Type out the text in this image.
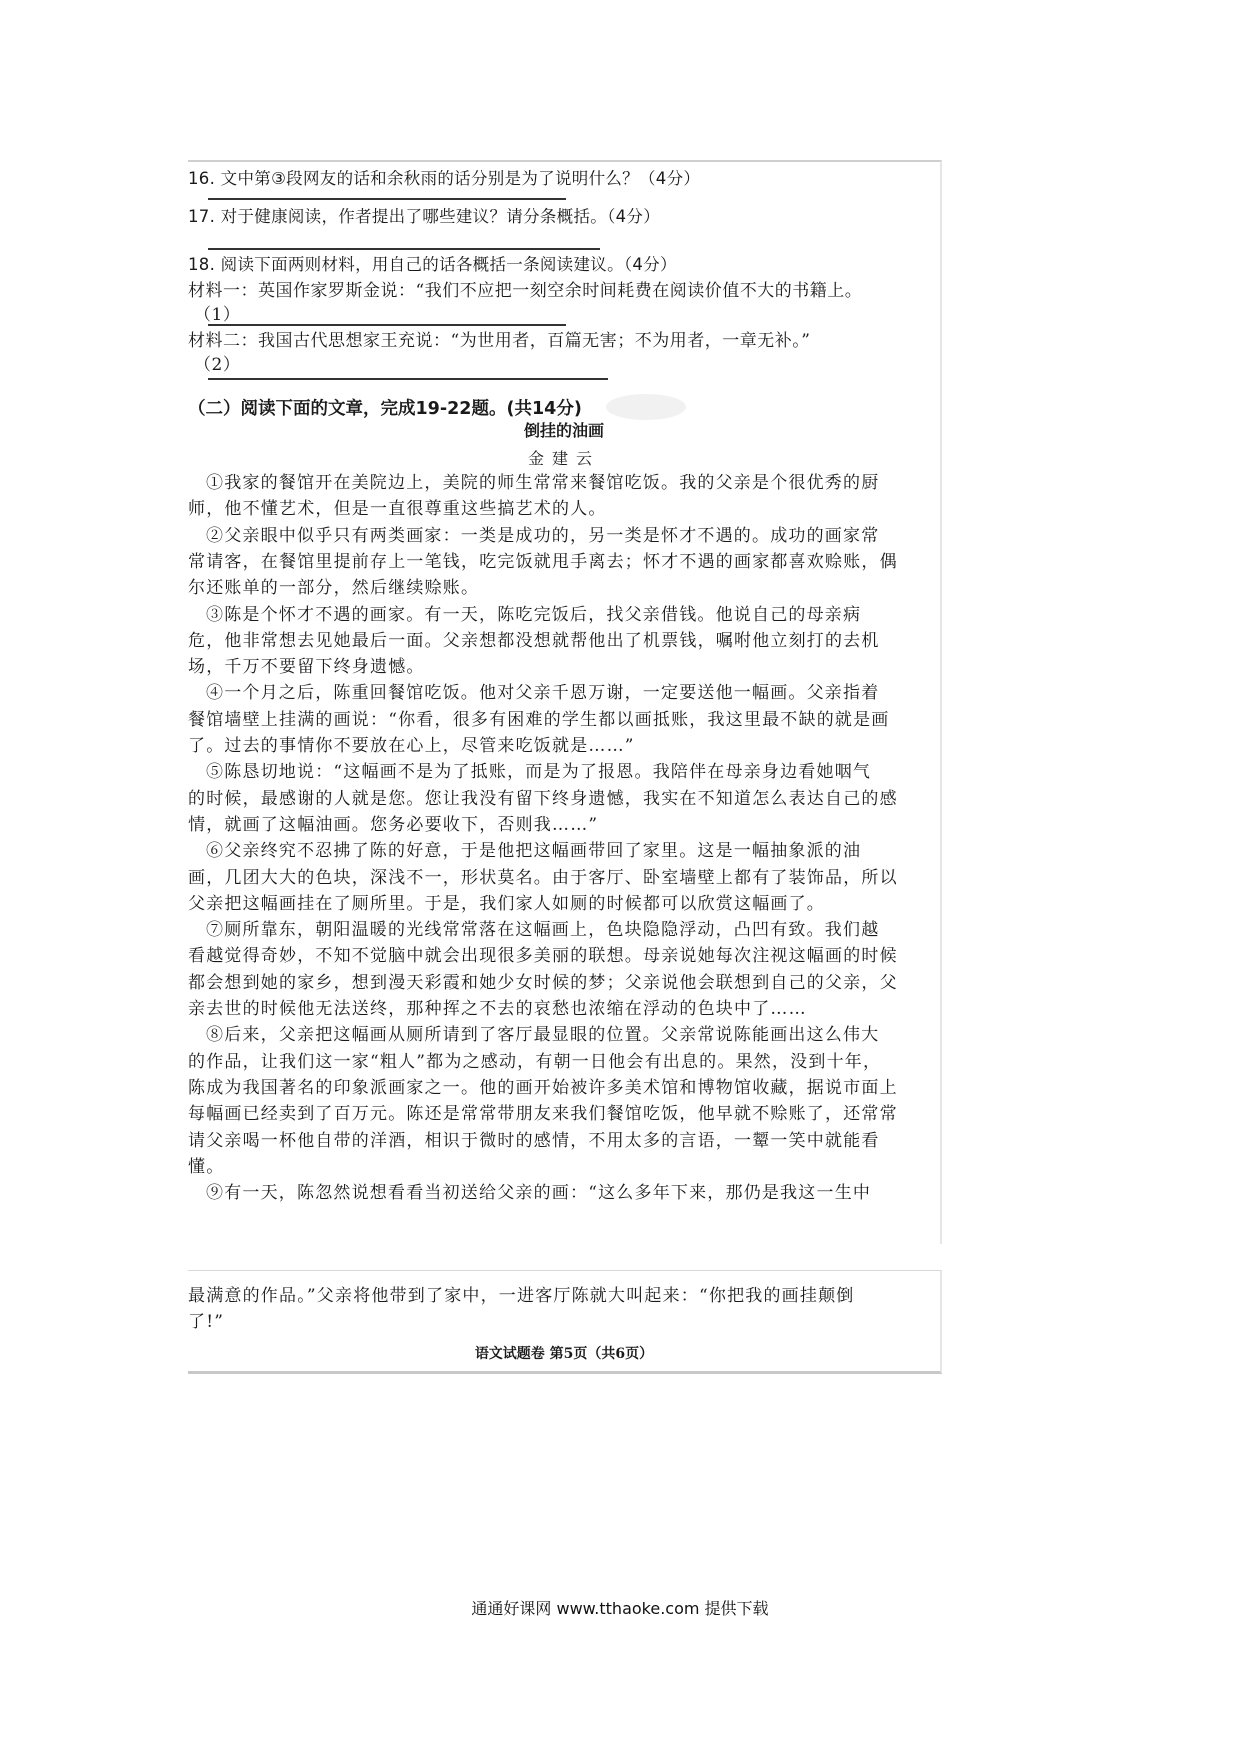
16. 文中第③段网友的话和余秋雨的话分别是为了说明什么？（4分）
17. 对于健康阅读，作者提出了哪些建议？请分条概括。（4分）
18. 阅读下面两则材料，用自己的话各概括一条阅读建议。（4分）
材料一：英国作家罗斯金说：“我们不应把一刻空余时间耗费在阅读价值不大的书籍上。
（1）
材料二：我国古代思想家王充说：“为世用者，百篇无害；不为用者，一章无补。”
（2）
（二）阅读下面的文章，完成19-22题。(共14分)
倒挂的油画
金建云
①我家的餐馆开在美院边上，美院的师生常常来餐馆吃饭。我的父亲是个很优秀的厨
师，他不懂艺术，但是一直很尊重这些搞艺术的人。
②父亲眼中似乎只有两类画家：一类是成功的，另一类是怀才不遇的。成功的画家常
常请客，在餐馆里提前存上一笔钱，吃完饭就甩手离去；怀才不遇的画家都喜欢赊账，偶
尔还账单的一部分，然后继续赊账。
③陈是个怀才不遇的画家。有一天，陈吃完饭后，找父亲借钱。他说自己的母亲病
危，他非常想去见她最后一面。父亲想都没想就帮他出了机票钱，嘱咐他立刻打的去机
场，千万不要留下终身遗憾。
④一个月之后，陈重回餐馆吃饭。他对父亲千恩万谢，一定要送他一幅画。父亲指着
餐馆墙壁上挂满的画说：“你看，很多有困难的学生都以画抵账，我这里最不缺的就是画
了。过去的事情你不要放在心上，尽管来吃饭就是……”
⑤陈恳切地说：“这幅画不是为了抵账，而是为了报恩。我陪伴在母亲身边看她咽气
的时候，最感谢的人就是您。您让我没有留下终身遗憾，我实在不知道怎么表达自己的感
情，就画了这幅油画。您务必要收下，否则我……”
⑥父亲终究不忍拂了陈的好意，于是他把这幅画带回了家里。这是一幅抽象派的油
画，几团大大的色块，深浅不一，形状莫名。由于客厅、卧室墙壁上都有了装饰品，所以
父亲把这幅画挂在了厕所里。于是，我们家人如厕的时候都可以欣赏这幅画了。
⑦厕所靠东，朝阳温暖的光线常常落在这幅画上，色块隐隐浮动，凸凹有致。我们越
看越觉得奇妙，不知不觉脑中就会出现很多美丽的联想。母亲说她每次注视这幅画的时候
都会想到她的家乡，想到漫天彩霞和她少女时候的梦；父亲说他会联想到自己的父亲，父
亲去世的时候他无法送终，那种挥之不去的哀愁也浓缩在浮动的色块中了……
⑧后来，父亲把这幅画从厕所请到了客厅最显眼的位置。父亲常说陈能画出这么伟大
的作品，让我们这一家“粗人”都为之感动，有朝一日他会有出息的。果然，没到十年，
陈成为我国著名的印象派画家之一。他的画开始被许多美术馆和博物馆收藏，据说市面上
每幅画已经卖到了百万元。陈还是常常带朋友来我们餐馆吃饭，他早就不赊账了，还常常
请父亲喝一杯他自带的洋酒，相识于微时的感情，不用太多的言语，一颦一笑中就能看
懂。
⑨有一天，陈忽然说想看看当初送给父亲的画：“这么多年下来，那仍是我这一生中
最满意的作品。”父亲将他带到了家中，一进客厅陈就大叫起来：“你把我的画挂颠倒
了!”
语文试题卷 第5页（共6页）
通通好课网 www.tthaoke.com 提供下载
